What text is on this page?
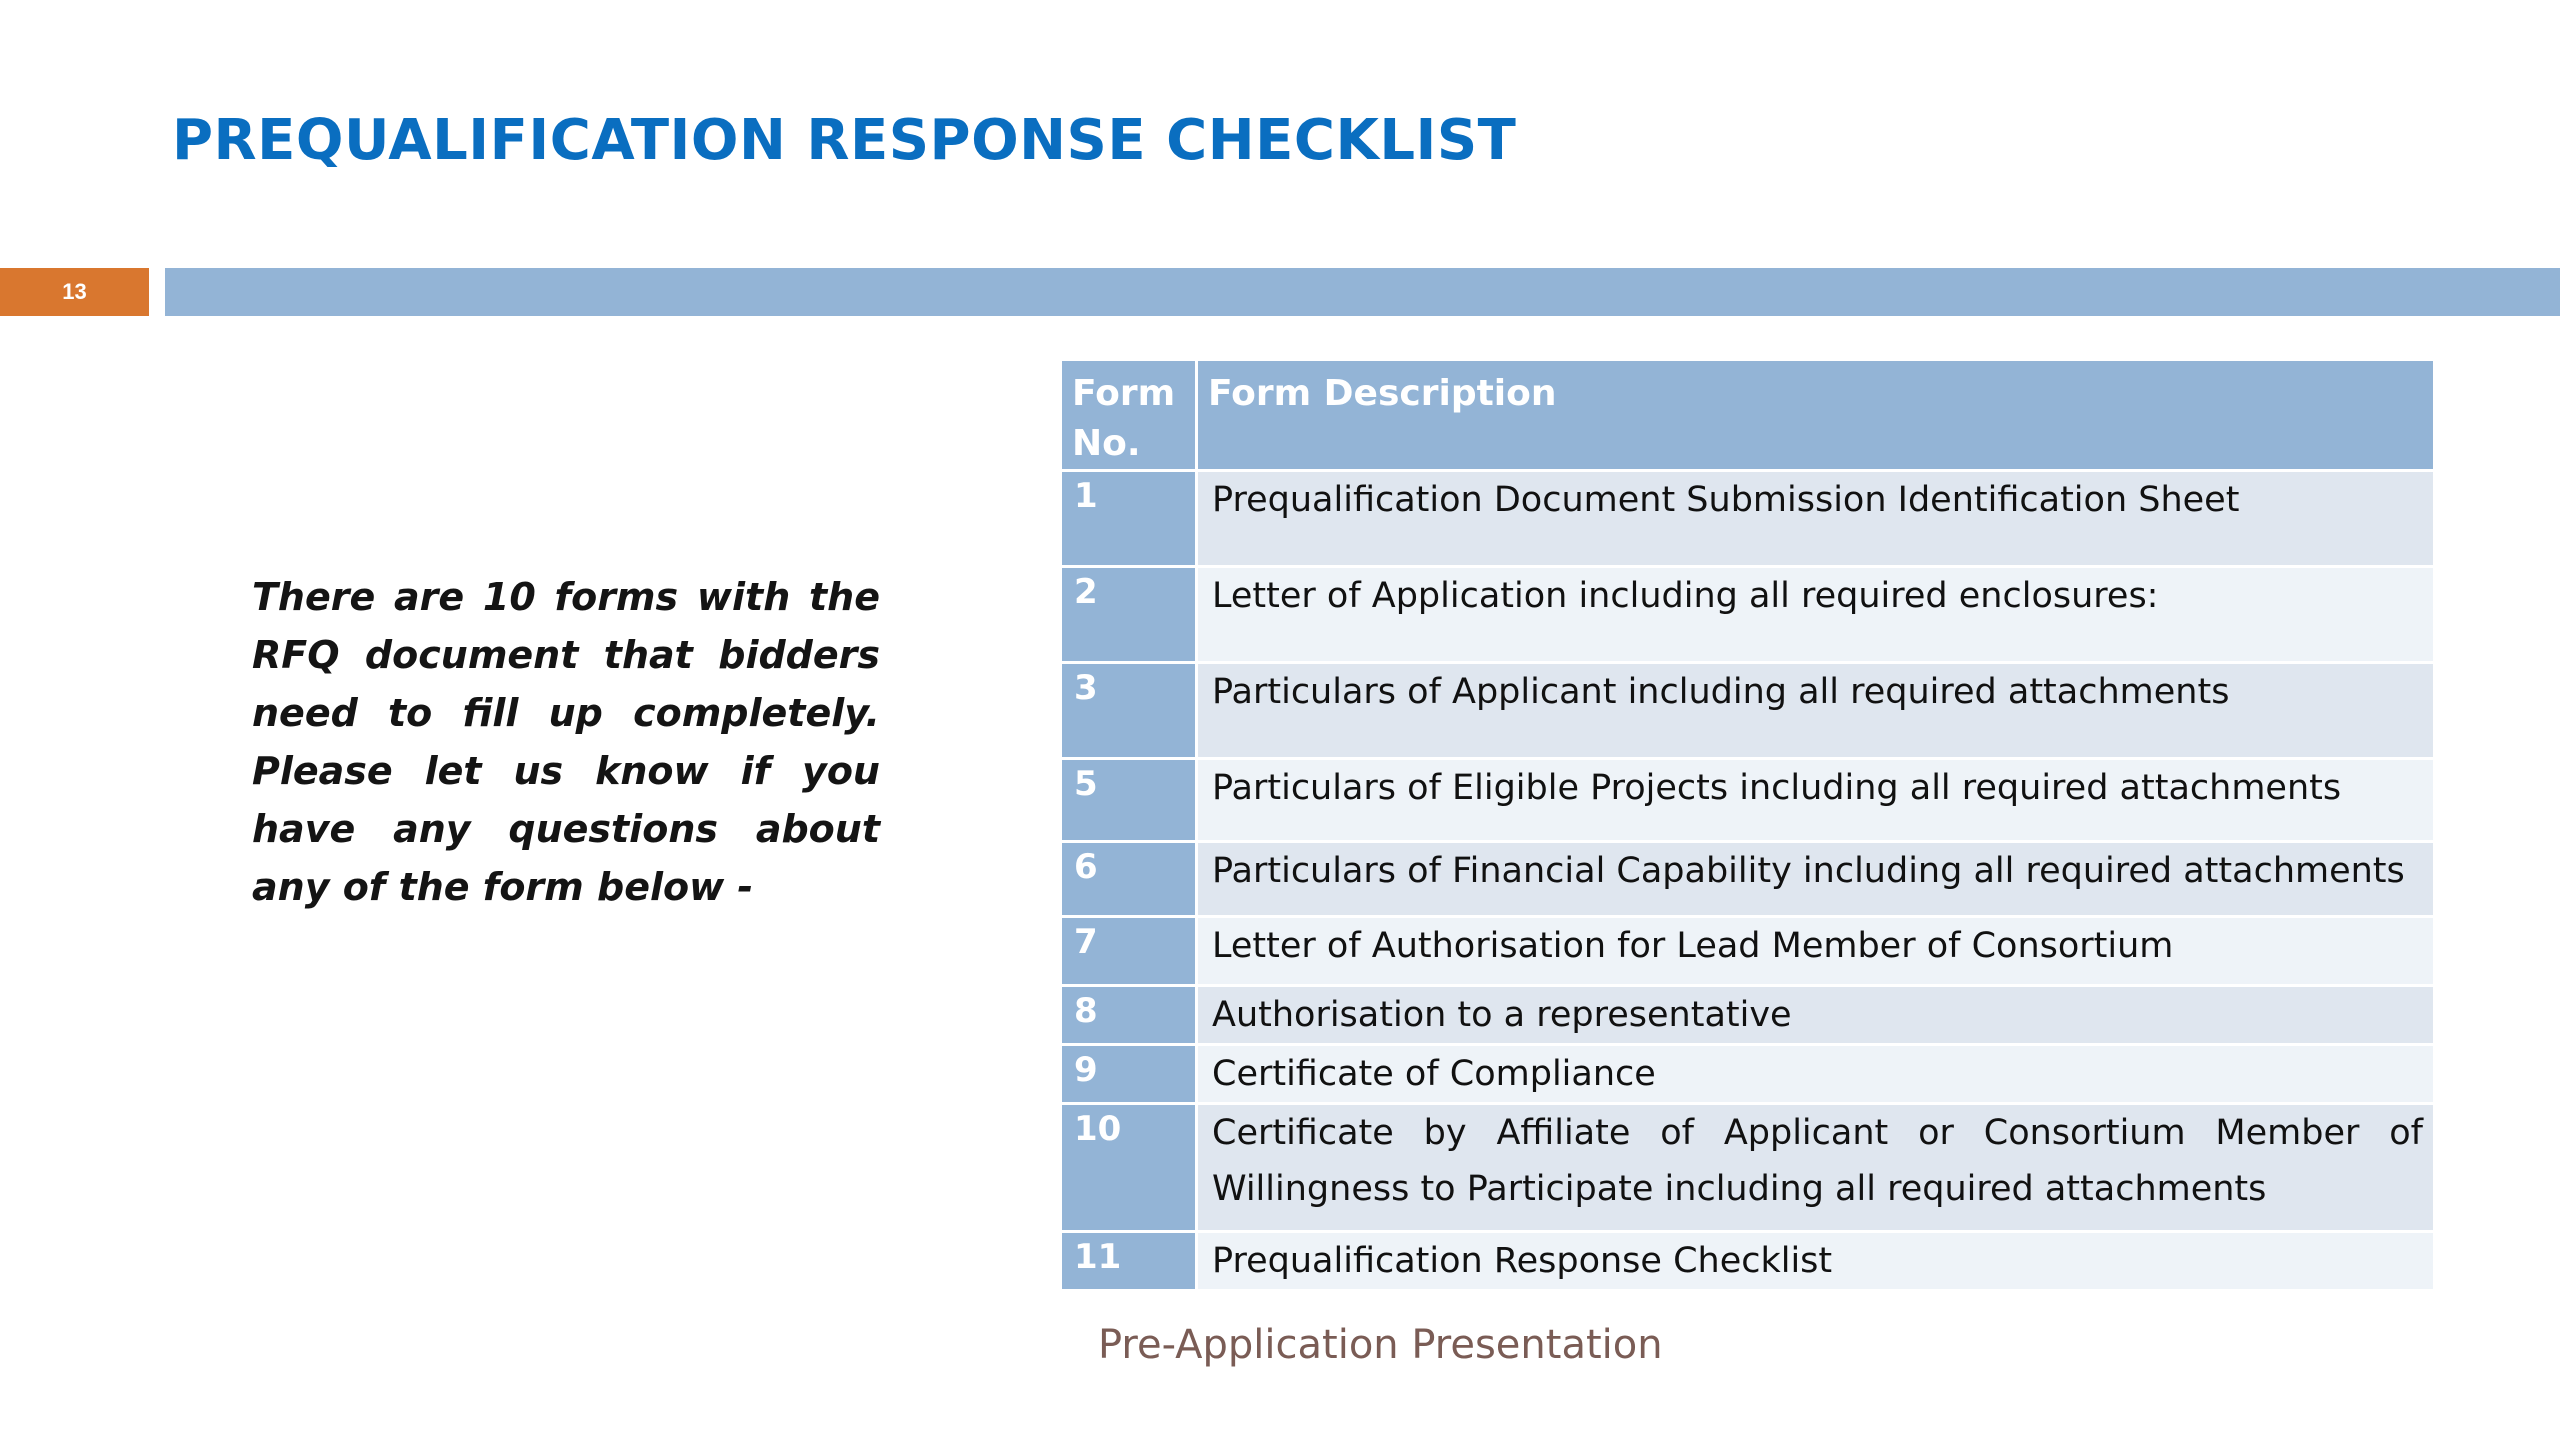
PREQUALIFICATION RESPONSE CHECKLIST
13

There are 10 forms with the RFQ document that bidders need to fill up completely. Please let us know if you have any questions about any of the form below -

Form No.	Form Description
1	Prequalification Document Submission Identification Sheet
2	Letter of Application including all required enclosures:
3	Particulars of Applicant including all required attachments
5	Particulars of Eligible Projects including all required attachments
6	Particulars of Financial Capability including all required attachments
7	Letter of Authorisation for Lead Member of Consortium
8	Authorisation to a representative
9	Certificate of Compliance
10	Certificate by Affiliate of Applicant or Consortium Member of Willingness to Participate including all required attachments
11	Prequalification Response Checklist

Pre-Application Presentation
